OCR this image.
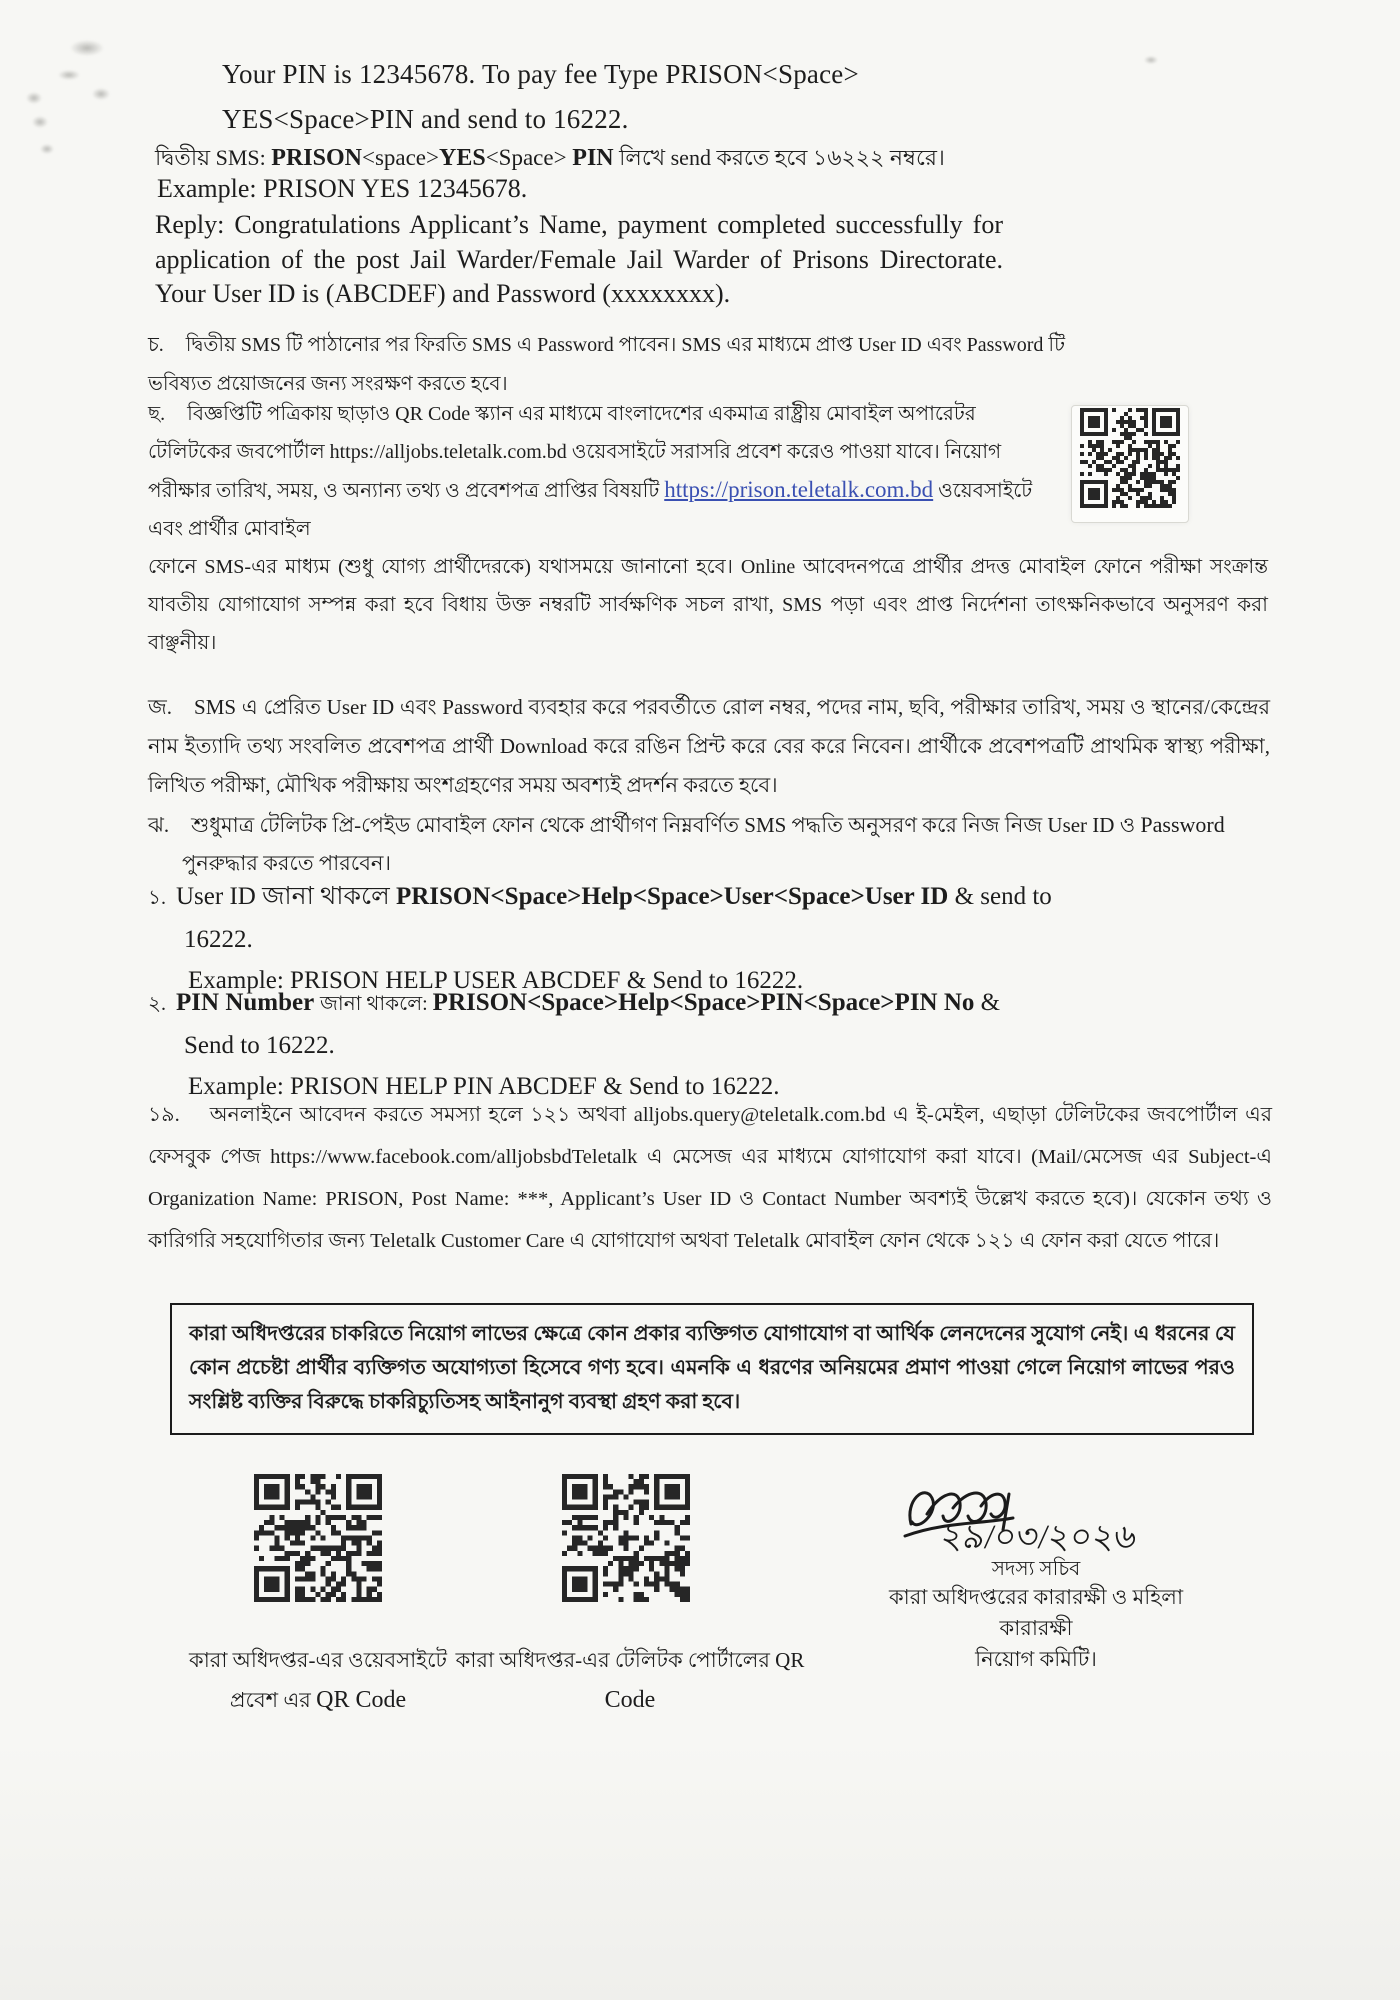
Your PIN is 12345678. To pay fee Type PRISON<Space>
YES<Space>PIN and send to 16222.
দ্বিতীয় SMS: PRISON<space>YES<Space> PIN লিখে send করতে হবে ১৬২২২ নম্বরে।
Example: PRISON YES 12345678.
Reply: Congratulations Applicant’s Name, payment completed successfully for application of the post Jail Warder/Female Jail Warder of Prisons Directorate. Your User ID is (ABCDEF) and Password (xxxxxxxx).
চ. দ্বিতীয় SMS টি পাঠানোর পর ফিরতি SMS এ Password পাবেন। SMS এর মাধ্যমে প্রাপ্ত User ID এবং Password টি ভবিষ্যত প্রয়োজনের জন্য সংরক্ষণ করতে হবে।
ছ. বিজ্ঞপ্তিটি পত্রিকায় ছাড়াও QR Code স্ক্যান এর মাধ্যমে বাংলাদেশের একমাত্র রাষ্ট্রীয় মোবাইল অপারেটর টেলিটকের জবপোর্টাল https://alljobs.teletalk.com.bd ওয়েবসাইটে সরাসরি প্রবেশ করেও পাওয়া যাবে। নিয়োগ পরীক্ষার তারিখ, সময়, ও অন্যান্য তথ্য ও প্রবেশপত্র প্রাপ্তির বিষয়টি https://prison.teletalk.com.bd ওয়েবসাইটে এবং প্রার্থীর মোবাইল
ফোনে SMS-এর মাধ্যম (শুধু যোগ্য প্রার্থীদেরকে) যথাসময়ে জানানো হবে। Online আবেদনপত্রে প্রার্থীর প্রদত্ত মোবাইল ফোনে পরীক্ষা সংক্রান্ত যাবতীয় যোগাযোগ সম্পন্ন করা হবে বিধায় উক্ত নম্বরটি সার্বক্ষণিক সচল রাখা, SMS পড়া এবং প্রাপ্ত নির্দেশনা তাৎক্ষনিকভাবে অনুসরণ করা বাঞ্ছনীয়।
জ. SMS এ প্রেরিত User ID এবং Password ব্যবহার করে পরবর্তীতে রোল নম্বর, পদের নাম, ছবি, পরীক্ষার তারিখ, সময় ও স্থানের/কেন্দ্রের নাম ইত্যাদি তথ্য সংবলিত প্রবেশপত্র প্রার্থী Download করে রঙিন প্রিন্ট করে বের করে নিবেন। প্রার্থীকে প্রবেশপত্রটি প্রাথমিক স্বাস্থ্য পরীক্ষা, লিখিত পরীক্ষা, মৌখিক পরীক্ষায় অংশগ্রহণের সময় অবশ্যই প্রদর্শন করতে হবে।
ঝ. শুধুমাত্র টেলিটক প্রি-পেইড মোবাইল ফোন থেকে প্রার্থীগণ নিম্নবর্ণিত SMS পদ্ধতি অনুসরণ করে নিজ নিজ User ID ও Password পুনরুদ্ধার করতে পারবেন।
১. User ID জানা থাকলে PRISON<Space>Help<Space>User<Space>User ID & send to
16222.
Example: PRISON HELP USER ABCDEF & Send to 16222.
২. PIN Number জানা থাকলে: PRISON<Space>Help<Space>PIN<Space>PIN No &
Send to 16222.
Example: PRISON HELP PIN ABCDEF & Send to 16222.
১৯. অনলাইনে আবেদন করতে সমস্যা হলে ১২১ অথবা alljobs.query@teletalk.com.bd এ ই-মেইল, এছাড়া টেলিটকের জবপোর্টাল এর ফেসবুক পেজ https://www.facebook.com/alljobsbdTeletalk এ মেসেজ এর মাধ্যমে যোগাযোগ করা যাবে। (Mail/মেসেজ এর Subject-এ Organization Name: PRISON, Post Name: ***, Applicant’s User ID ও Contact Number অবশ্যই উল্লেখ করতে হবে)। যেকোন তথ্য ও কারিগরি সহযোগিতার জন্য Teletalk Customer Care এ যোগাযোগ অথবা Teletalk মোবাইল ফোন থেকে ১২১ এ ফোন করা যেতে পারে।
কারা অধিদপ্তরের চাকরিতে নিয়োগ লাভের ক্ষেত্রে কোন প্রকার ব্যক্তিগত যোগাযোগ বা আর্থিক লেনদেনের সুযোগ নেই। এ ধরনের যে কোন প্রচেষ্টা প্রার্থীর ব্যক্তিগত অযোগ্যতা হিসেবে গণ্য হবে। এমনকি এ ধরণের অনিয়মের প্রমাণ পাওয়া গেলে নিয়োগ লাভের পরও সংশ্লিষ্ট ব্যক্তির বিরুদ্ধে চাকরিচ্যুতিসহ আইনানুগ ব্যবস্থা গ্রহণ করা হবে।
কারা অধিদপ্তর-এর ওয়েবসাইটে
প্রবেশ এর QR Code
কারা অধিদপ্তর-এর টেলিটক পোর্টালের QR
Code
২৯/০৩/২০২৬
সদস্য সচিব
কারা অধিদপ্তরের কারারক্ষী ও মহিলা কারারক্ষী
নিয়োগ কমিটি।
